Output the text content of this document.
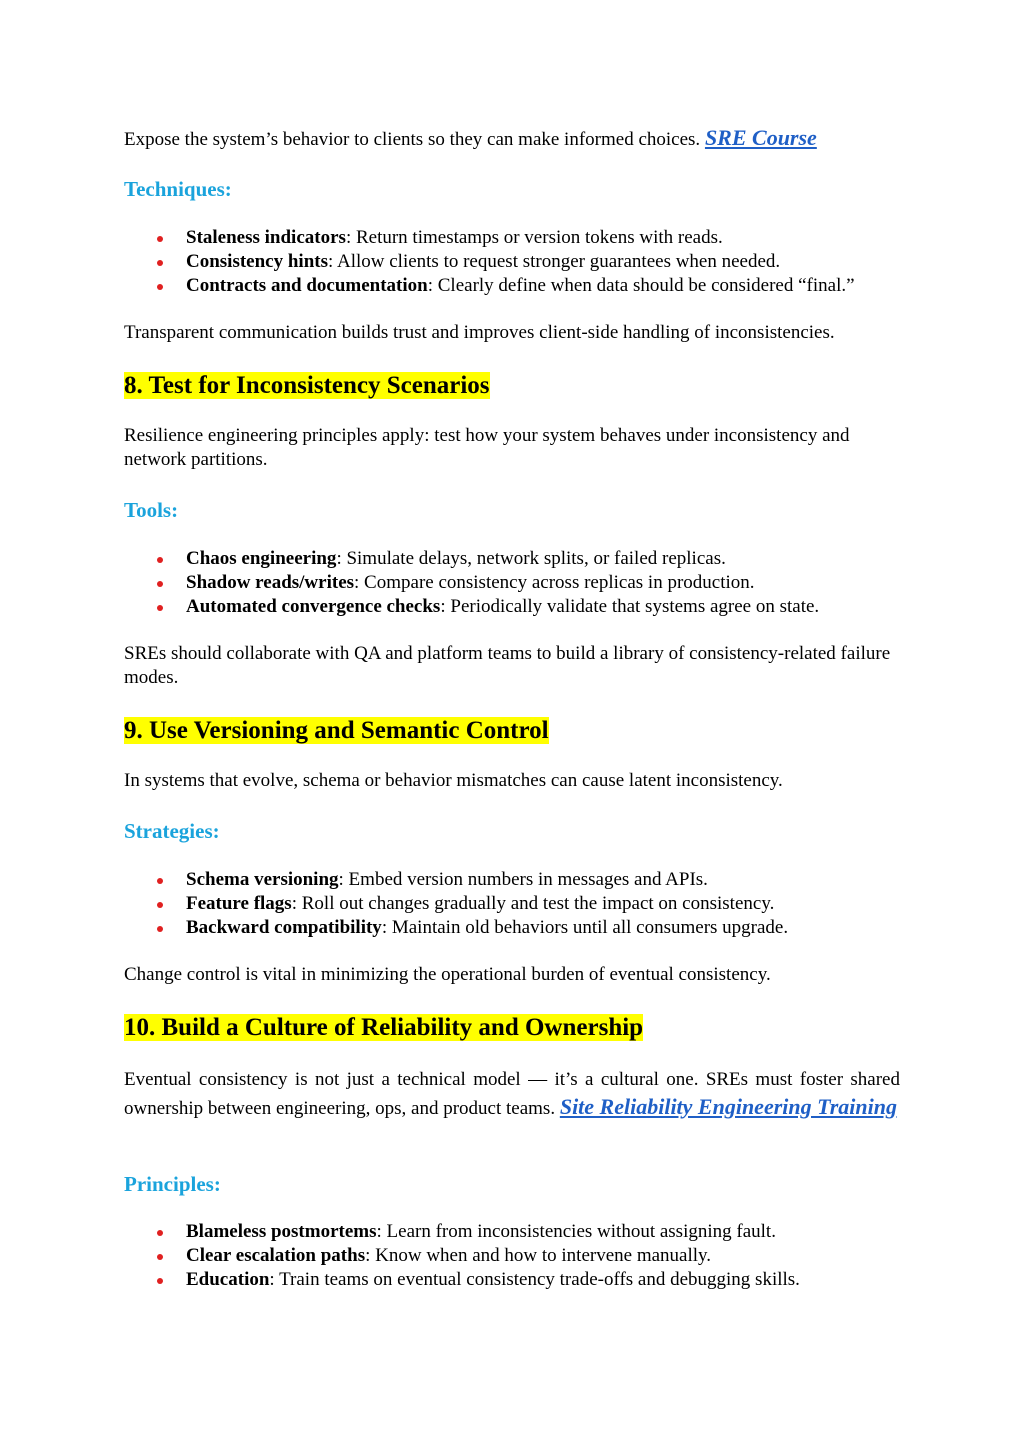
Expose the system’s behavior to clients so they can make informed choices. SRE Course

Techniques:

Staleness indicators: Return timestamps or version tokens with reads.
Consistency hints: Allow clients to request stronger guarantees when needed.
Contracts and documentation: Clearly define when data should be considered “final.”

Transparent communication builds trust and improves client-side handling of inconsistencies.

8. Test for Inconsistency Scenarios

Resilience engineering principles apply: test how your system behaves under inconsistency and network partitions.

Tools:

Chaos engineering: Simulate delays, network splits, or failed replicas.
Shadow reads/writes: Compare consistency across replicas in production.
Automated convergence checks: Periodically validate that systems agree on state.

SREs should collaborate with QA and platform teams to build a library of consistency-related failure modes.

9. Use Versioning and Semantic Control

In systems that evolve, schema or behavior mismatches can cause latent inconsistency.

Strategies:

Schema versioning: Embed version numbers in messages and APIs.
Feature flags: Roll out changes gradually and test the impact on consistency.
Backward compatibility: Maintain old behaviors until all consumers upgrade.

Change control is vital in minimizing the operational burden of eventual consistency.

10. Build a Culture of Reliability and Ownership

Eventual consistency is not just a technical model — it’s a cultural one. SREs must foster shared ownership between engineering, ops, and product teams. Site Reliability Engineering Training

Principles:

Blameless postmortems: Learn from inconsistencies without assigning fault.
Clear escalation paths: Know when and how to intervene manually.
Education: Train teams on eventual consistency trade-offs and debugging skills.
